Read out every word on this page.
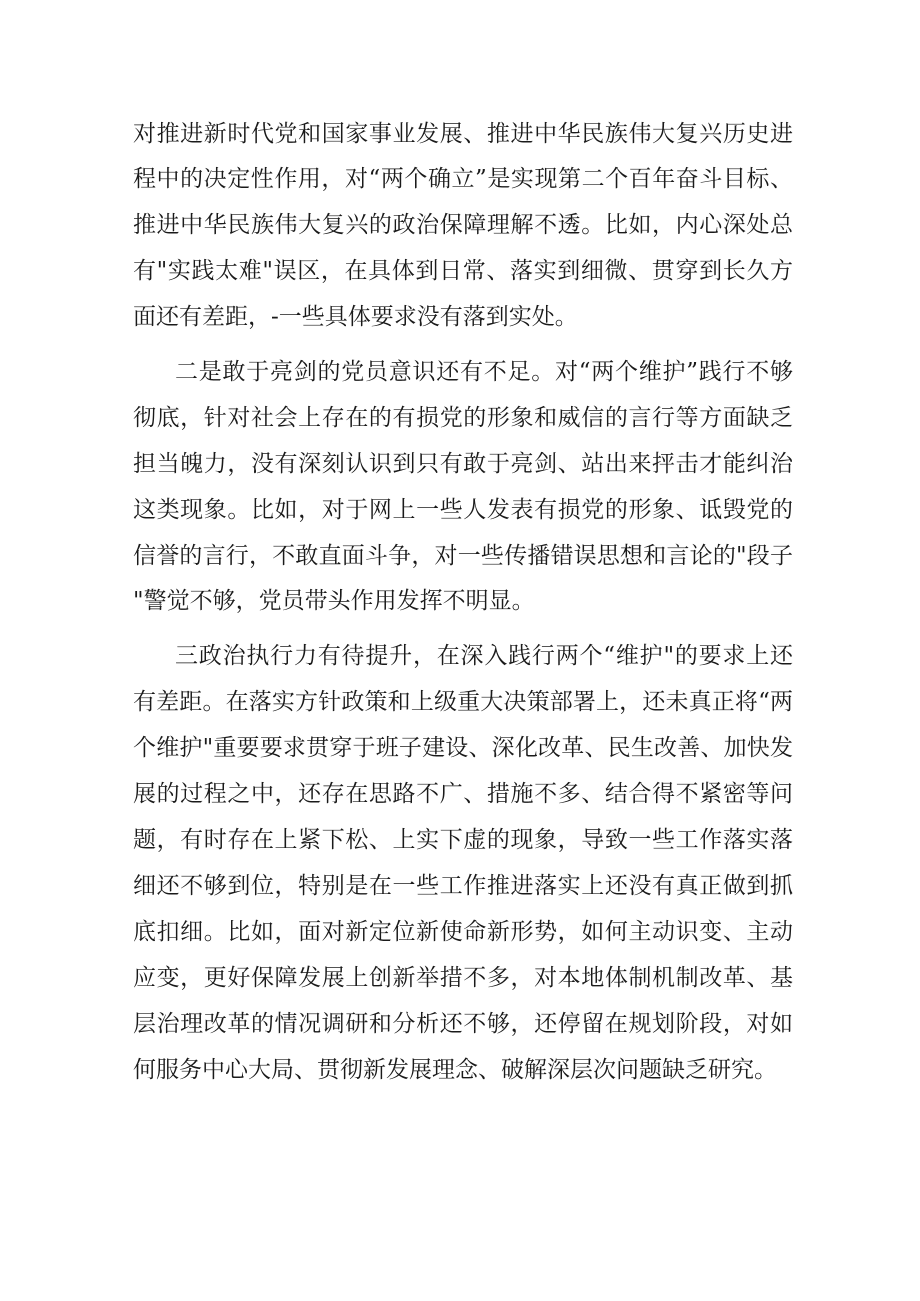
对推进新时代党和国家事业发展、推进中华民族伟大复兴历史进
程中的决定性作用，对“两个确立”是实现第二个百年奋斗目标、
推进中华民族伟大复兴的政治保障理解不透。比如，内心深处总
有"实践太难"误区，在具体到日常、落实到细微、贯穿到长久方
面还有差距，-一些具体要求没有落到实处。
二是敢于亮剑的党员意识还有不足。对“两个维护”践行不够
彻底，针对社会上存在的有损党的形象和威信的言行等方面缺乏
担当魄力，没有深刻认识到只有敢于亮剑、站出来抨击才能纠治
这类现象。比如，对于网上一些人发表有损党的形象、诋毁党的
信誉的言行，不敢直面斗争，对一些传播错误思想和言论的"段子
"警觉不够，党员带头作用发挥不明显。
三政治执行力有待提升，在深入践行两个“维护"的要求上还
有差距。在落实方针政策和上级重大决策部署上，还未真正将“两
个维护"重要要求贯穿于班子建设、深化改革、民生改善、加快发
展的过程之中，还存在思路不广、措施不多、结合得不紧密等问
题，有时存在上紧下松、上实下虚的现象，导致一些工作落实落
细还不够到位，特别是在一些工作推进落实上还没有真正做到抓
底扣细。比如，面对新定位新使命新形势，如何主动识变、主动
应变，更好保障发展上创新举措不多，对本地体制机制改革、基
层治理改革的情况调研和分析还不够，还停留在规划阶段，对如
何服务中心大局、贯彻新发展理念、破解深层次问题缺乏研究。
